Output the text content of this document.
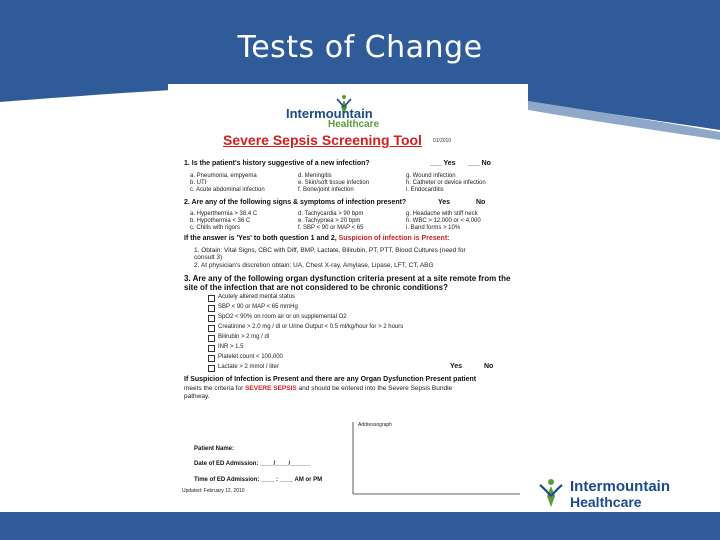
Tests of Change
Intermountain
Healthcare
Severe Sepsis Screening Tool 01/2010
1. Is the patient's history suggestive of a new infection?	___ Yes ___ No
a. Pneumonia, empyema
b. UTI
c. Acute abdominal infection
d. Meningitis
e. Skin/soft tissue infection
f. Bone/joint infection
g. Wound infection
h. Catheter or device infection
i. Endocarditis
2. Are any of the following signs & symptoms of infection present?	Yes	No
a. Hyperthermia > 38.4 C
b. Hypothermia < 36 C
c. Chills with rigors
d. Tachycardia > 90 bpm
e. Tachypnea > 20 bpm
f. SBP < 90 or MAP < 65
g. Headache with stiff neck
h. WBC > 12,000 or < 4,000
i. Band forms > 10%
If the answer is 'Yes' to both question 1 and 2, Suspicion of infection is Present:
1. Obtain: Vital Signs, CBC with Diff, BMP, Lactate, Bilirubin, PT, PTT, Blood Cultures (need for
consult 3)
2. At physician's discretion obtain: UA, Chest X-ray, Amylase, Lipase, LFT, CT, ABG
3. Are any of the following organ dysfunction criteria present at a site remote from the
site of the infection that are not considered to be chronic conditions?
Acutely altered mental status
SBP < 90 or MAP < 65 mmHg
SpO2 < 90% on room air or on supplemental O2
Creatinine > 2.0 mg / dl or Urine Output < 0.5 ml/kg/hour for > 2 hours
Bilirubin > 2 mg / dl
INR > 1.5
Platelet count < 100,000
Lactate > 2 mmol / liter	Yes	No
If Suspicion of Infection is Present and there are any Organ Dysfunction Present patient
meets the criteria for SEVERE SEPSIS and should be entered into the Severe Sepsis Bundle
pathway.
Addressograph
Patient Name:
Date of ED Admission: ____/____/______
Time of ED Admission: ____ : ____ AM or PM
Updated: February 12, 2010	Intermountain
Healthcare
